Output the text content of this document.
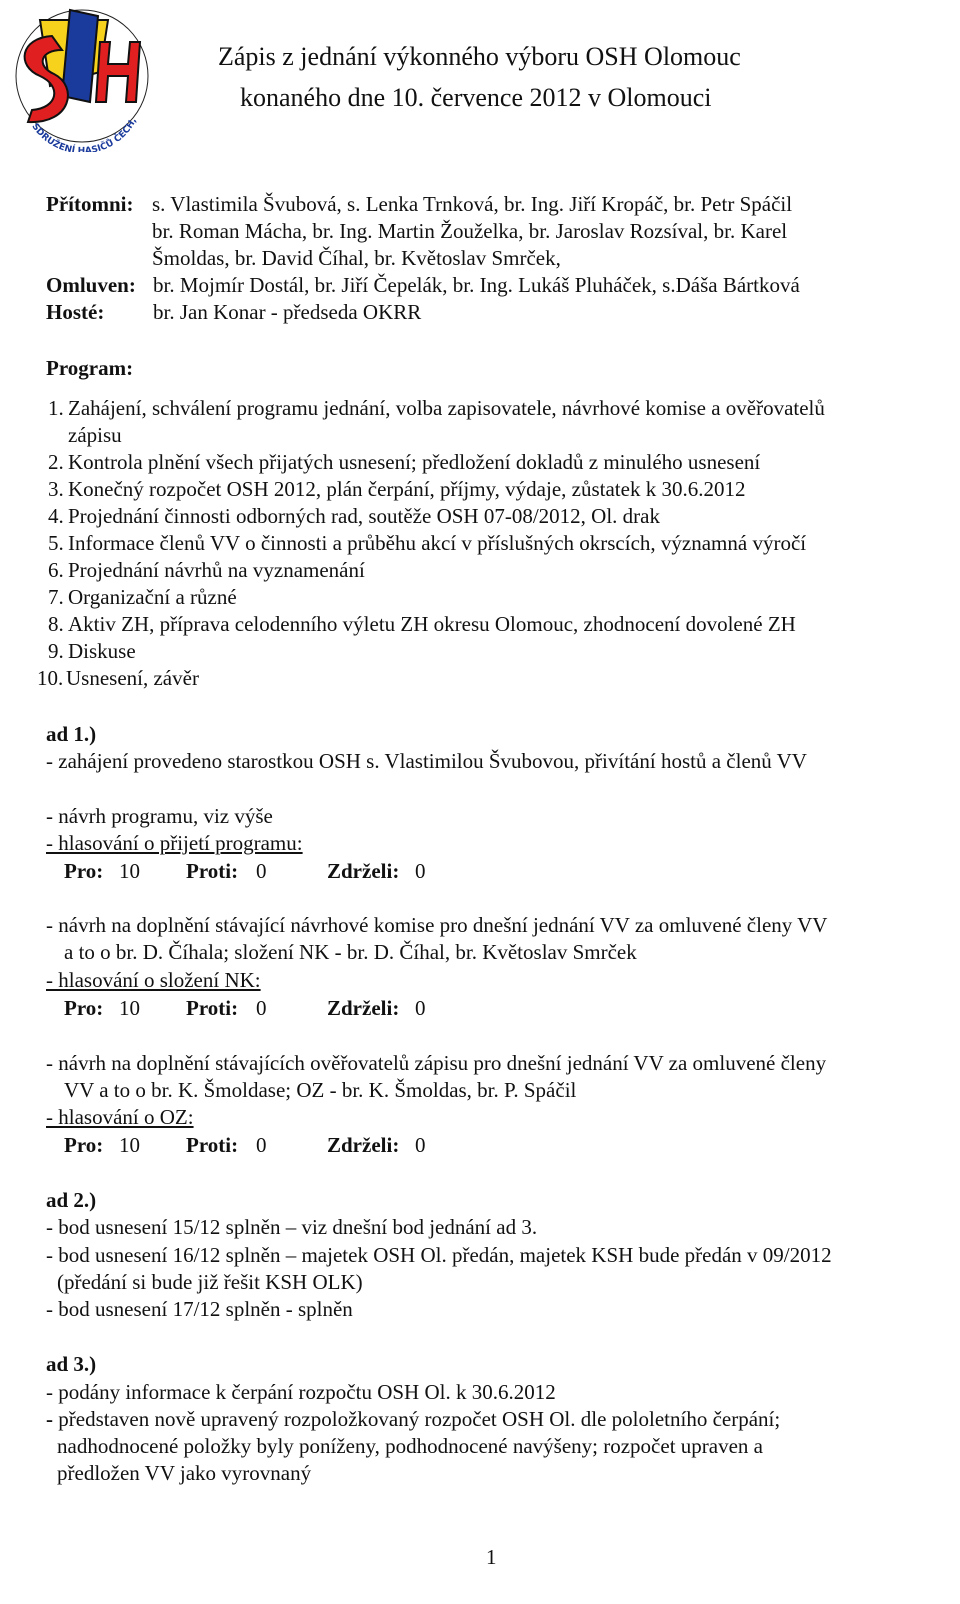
SDRUŽENÍ HASIČŮ ČECH,
Zápis z jednání výkonného výboru OSH Olomouc
konaného dne 10. července 2012 v Olomouci
Přítomni: s. Vlastimila Švubová, s. Lenka Trnková, br. Ing. Jiří Kropáč, br. Petr Spáčil
br. Roman Mácha, br. Ing. Martin Žouželka, br. Jaroslav Rozsíval, br. Karel
Šmoldas, br. David Číhal, br. Květoslav Smrček,
Omluven: br. Mojmír Dostál, br. Jiří Čepelák, br. Ing. Lukáš Pluháček, s.Dáša Bártková
Hosté: br. Jan Konar - předseda OKRR
Program:
1. Zahájení, schválení programu jednání, volba zapisovatele, návrhové komise a ověřovatelů
zápisu
2. Kontrola plnění všech přijatých usnesení; předložení dokladů z minulého usnesení
3. Konečný rozpočet OSH 2012, plán čerpání, příjmy, výdaje, zůstatek k 30.6.2012
4. Projednání činnosti odborných rad, soutěže OSH 07-08/2012, Ol. drak
5. Informace členů VV o činnosti a průběhu akcí v příslušných okrscích, významná výročí
6. Projednání návrhů na vyznamenání
7. Organizační a různé
8. Aktiv ZH, příprava celodenního výletu ZH okresu Olomouc, zhodnocení dovolené ZH
9. Diskuse
10. Usnesení, závěr
ad 1.)
- zahájení provedeno starostkou OSH s. Vlastimilou Švubovou, přivítání hostů a členů VV
- návrh programu, viz výše
- hlasování o přijetí programu:
Pro: 10 Proti: 0	Zdrželi: 0
- návrh na doplnění stávající návrhové komise pro dnešní jednání VV za omluvené členy VV
a to o br. D. Číhala; složení NK - br. D. Číhal, br. Květoslav Smrček
- hlasování o složení NK:
Pro: 10 Proti: 0	Zdrželi: 0
- návrh na doplnění stávajících ověřovatelů zápisu pro dnešní jednání VV za omluvené členy
VV a to o br. K. Šmoldase; OZ - br. K. Šmoldas, br. P. Spáčil
- hlasování o OZ:
Pro: 10 Proti: 0	Zdrželi: 0
ad 2.)
- bod usnesení 15/12 splněn – viz dnešní bod jednání ad 3.
- bod usnesení 16/12 splněn – majetek OSH Ol. předán, majetek KSH bude předán v 09/2012
(předání si bude již řešit KSH OLK)
- bod usnesení 17/12 splněn - splněn
ad 3.)
- podány informace k čerpání rozpočtu OSH Ol. k 30.6.2012
- představen nově upravený rozpoložkovaný rozpočet OSH Ol. dle pololetního čerpání;
nadhodnocené položky byly poníženy, podhodnocené navýšeny; rozpočet upraven a
předložen VV jako vyrovnaný
1
